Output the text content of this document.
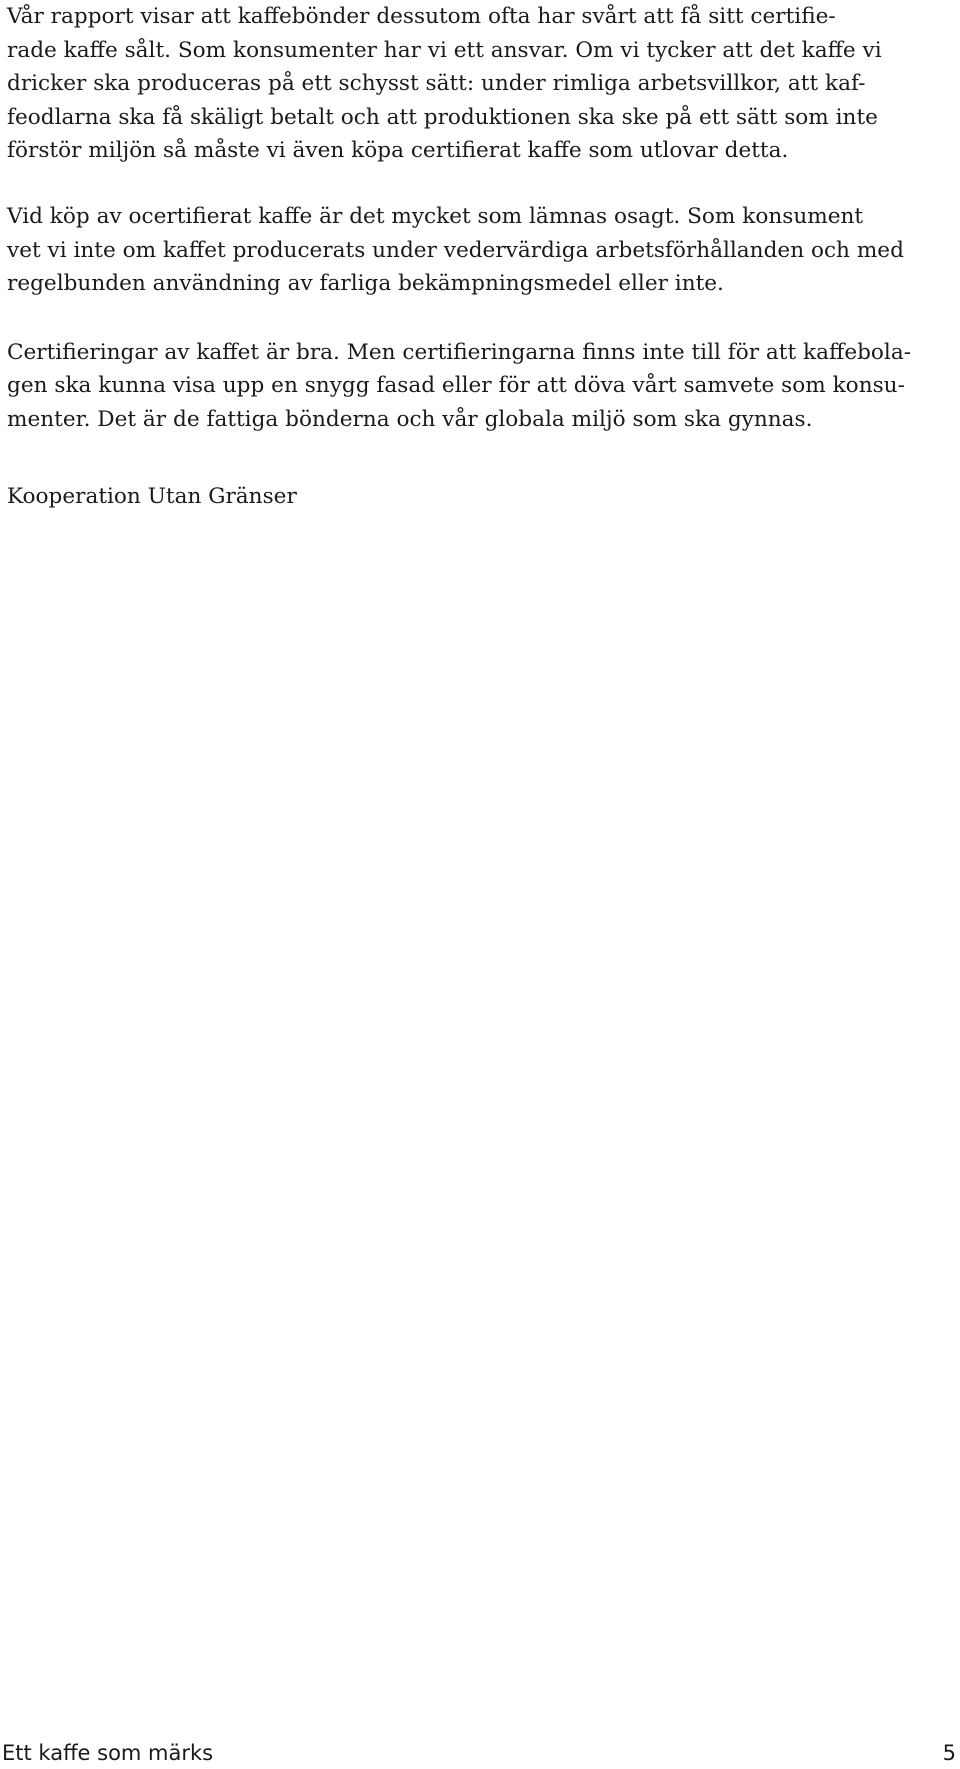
Vår rapport visar att kaffebönder dessutom ofta har svårt att få sitt certifie-
rade kaffe sålt. Som konsumenter har vi ett ansvar. Om vi tycker att det kaffe vi
dricker ska produceras på ett schysst sätt: under rimliga arbetsvillkor, att kaf-
feodlarna ska få skäligt betalt och att produktionen ska ske på ett sätt som inte
förstör miljön så måste vi även köpa certifierat kaffe som utlovar detta.

Vid köp av ocertifierat kaffe är det mycket som lämnas osagt. Som konsument
vet vi inte om kaffet producerats under vedervärdiga arbetsförhållanden och med
regelbunden användning av farliga bekämpningsmedel eller inte.

Certifieringar av kaffet är bra. Men certifieringarna finns inte till för att kaffebola-
gen ska kunna visa upp en snygg fasad eller för att döva vårt samvete som konsu-
menter. Det är de fattiga bönderna och vår globala miljö som ska gynnas.

Kooperation Utan Gränser

Ett kaffe som märks	5
